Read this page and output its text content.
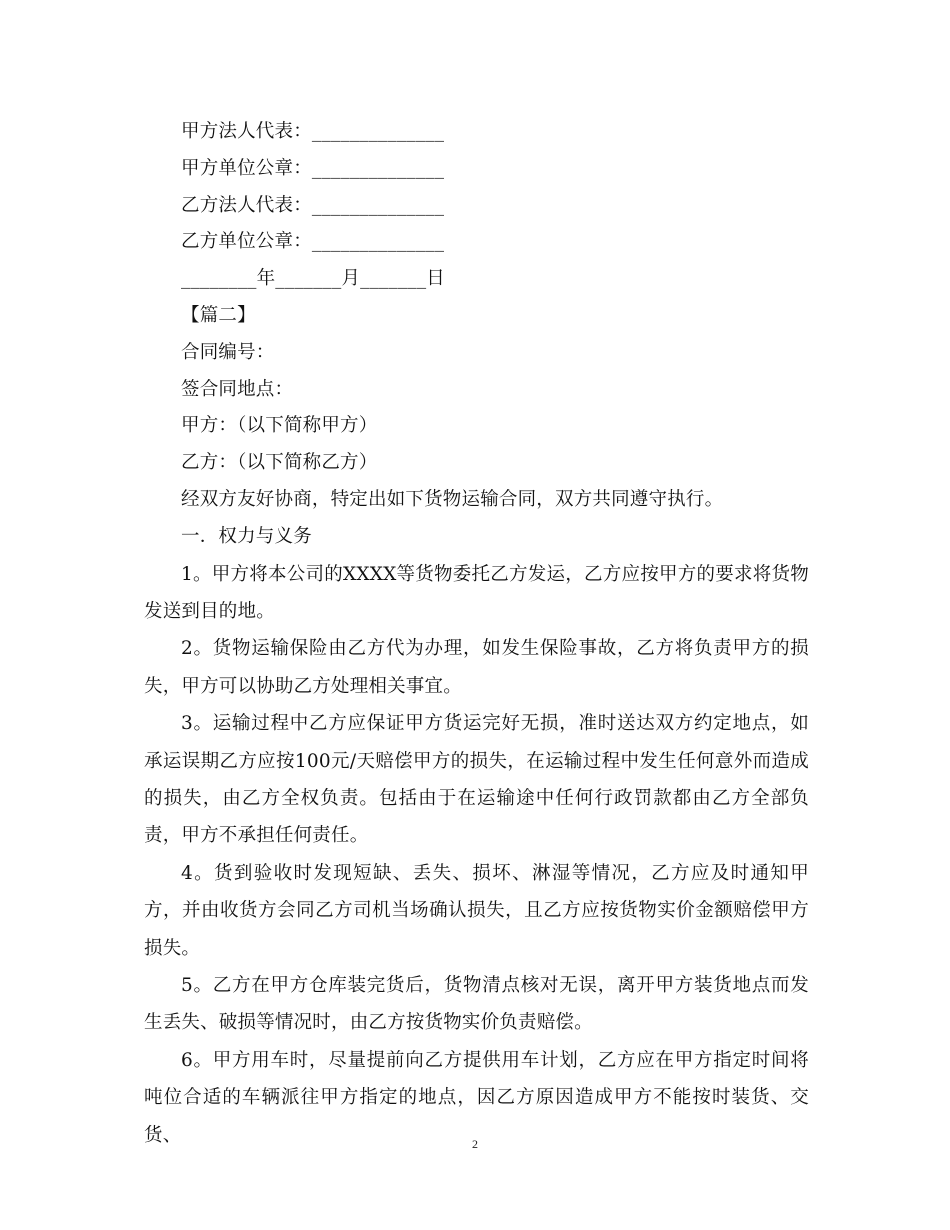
甲方法人代表：______________
甲方单位公章：______________
乙方法人代表：______________
乙方单位公章：______________
________年_______月_______日
【篇二】
合同编号：
签合同地点：
甲方：（以下简称甲方）
乙方：（以下简称乙方）
经双方友好协商，特定出如下货物运输合同，双方共同遵守执行。
一．权力与义务

1。甲方将本公司的XXXX等货物委托乙方发运，乙方应按甲方的要求将货物发送到目的地。

2。货物运输保险由乙方代为办理，如发生保险事故，乙方将负责甲方的损失，甲方可以协助乙方处理相关事宜。

3。运输过程中乙方应保证甲方货运完好无损，准时送达双方约定地点，如承运误期乙方应按100元/天赔偿甲方的损失，在运输过程中发生任何意外而造成的损失，由乙方全权负责。包括由于在运输途中任何行政罚款都由乙方全部负责，甲方不承担任何责任。

4。货到验收时发现短缺、丢失、损坏、淋湿等情况，乙方应及时通知甲方，并由收货方会同乙方司机当场确认损失，且乙方应按货物实价金额赔偿甲方损失。

5。乙方在甲方仓库装完货后，货物清点核对无误，离开甲方装货地点而发生丢失、破损等情况时，由乙方按货物实价负责赔偿。

6。甲方用车时，尽量提前向乙方提供用车计划，乙方应在甲方指定时间将吨位合适的车辆派往甲方指定的地点，因乙方原因造成甲方不能按时装货、交货、	2
